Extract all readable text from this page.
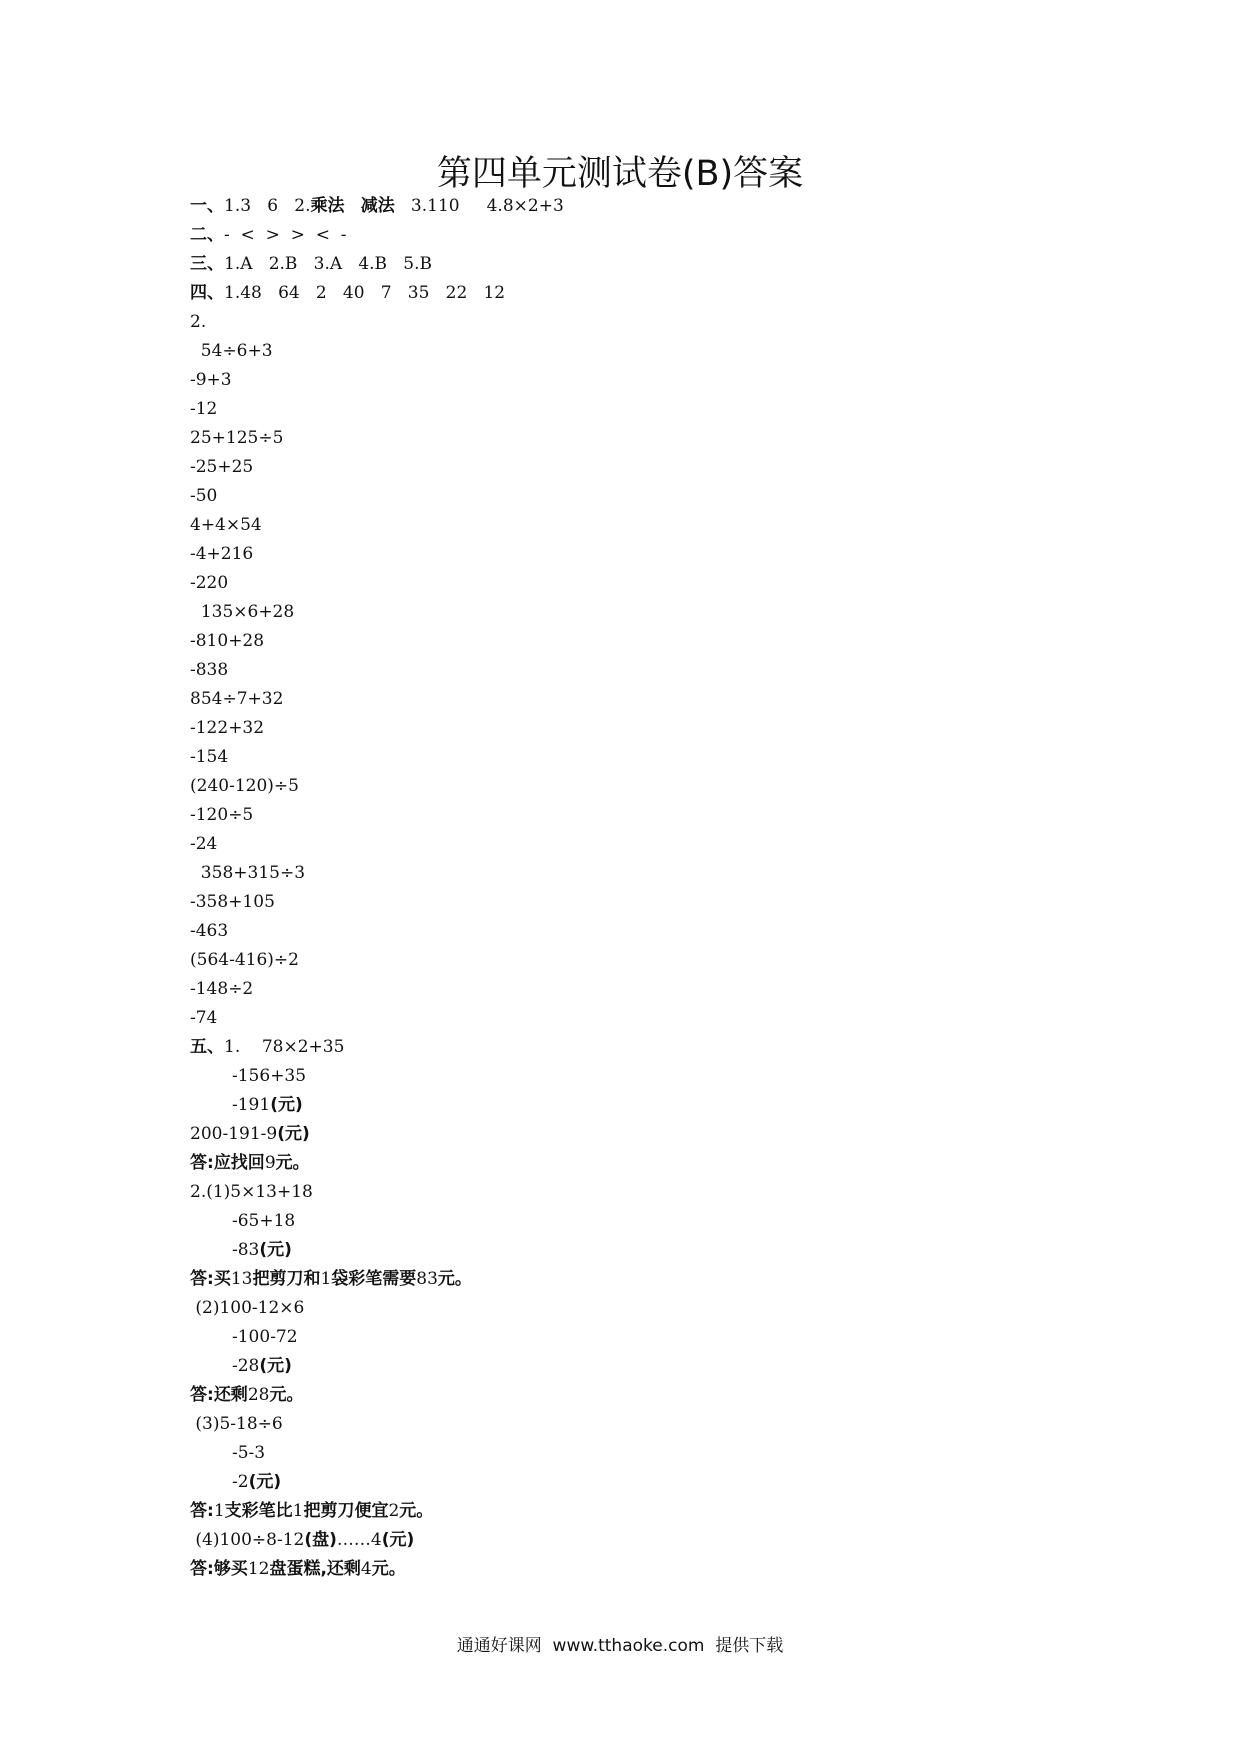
第四单元测试卷(B)答案
一、1.3   6   2.乘法 减法   3.110     4.8×2+3
二、-  <  >  >  <  -
三、1.A   2.B   3.A   4.B   5.B
四、1.48   64   2   40   7   35   22   12
2.
54÷6+3
-9+3
-12
25+125÷5
-25+25
-50
4+4×54
-4+216
-220
135×6+28
-810+28
-838
854÷7+32
-122+32
-154
(240-120)÷5
-120÷5
-24
358+315÷3
-358+105
-463
(564-416)÷2
-148÷2
-74
五、1.    78×2+35
-156+35
-191(元)
200-191-9(元)
答:应找回9元。
2.(1)5×13+18
-65+18
-83(元)
答:买13把剪刀和1袋彩笔需要83元。
(2)100-12×6
-100-72
-28(元)
答:还剩28元。
(3)5-18÷6
-5-3
-2(元)
答:1支彩笔比1把剪刀便宜2元。
(4)100÷8-12(盘)……4(元)
答:够买12盘蛋糕,还剩4元。
通通好课网  www.tthaoke.com  提供下载
